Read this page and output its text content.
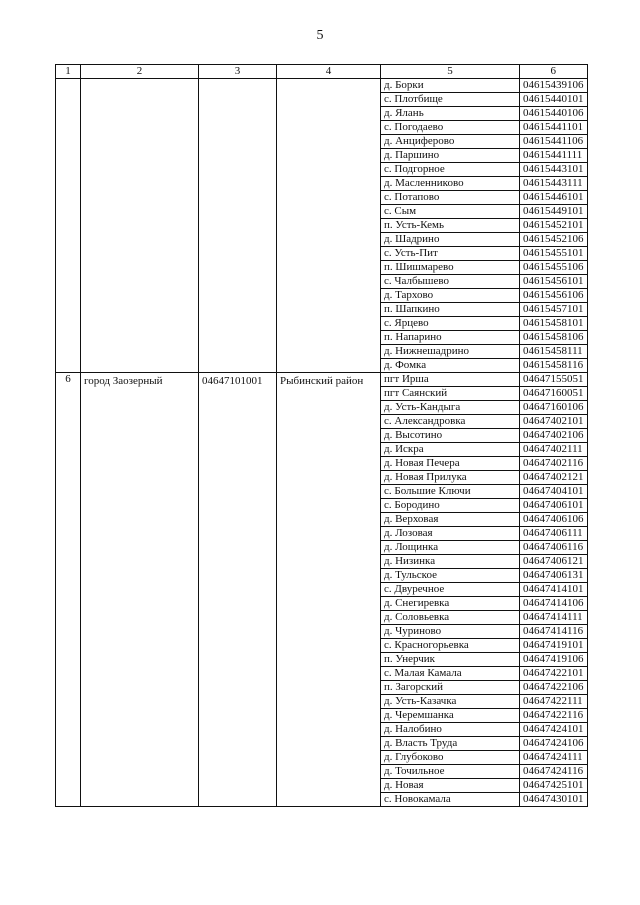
5
1	2	3	4	5	6
				д. Борки	04615439106
				с. Плотбище	04615440101
				д. Ялань	04615440106
				с. Погодаево	04615441101
				д. Анциферово	04615441106
				д. Паршино	04615441111
				с. Подгорное	04615443101
				д. Масленниково	04615443111
				с. Потапово	04615446101
				с. Сым	04615449101
				п. Усть-Кемь	04615452101
				д. Шадрино	04615452106
				с. Усть-Пит	04615455101
				п. Шишмарево	04615455106
				с. Чалбышево	04615456101
				д. Тархово	04615456106
				п. Шапкино	04615457101
				с. Ярцево	04615458101
				п. Напарино	04615458106
				д. Нижнешадрино	04615458111
				д. Фомка	04615458116
6	город Заозерный	04647101001	Рыбинский район	пгт Ирша	04647155051
				пгт Саянский	04647160051
				д. Усть-Кандыга	04647160106
				с. Александровка	04647402101
				д. Высотино	04647402106
				д. Искра	04647402111
				д. Новая Печера	04647402116
				д. Новая Прилука	04647402121
				с. Большие Ключи	04647404101
				с. Бородино	04647406101
				д. Верховая	04647406106
				д. Лозовая	04647406111
				д. Лощинка	04647406116
				д. Низинка	04647406121
				д. Тульское	04647406131
				с. Двуречное	04647414101
				д. Снегиревка	04647414106
				д. Соловьевка	04647414111
				д. Чуриново	04647414116
				с. Красногорьевка	04647419101
				п. Унерчик	04647419106
				с. Малая Камала	04647422101
				п. Загорский	04647422106
				д. Усть-Казачка	04647422111
				д. Черемшанка	04647422116
				д. Налобино	04647424101
				д. Власть Труда	04647424106
				д. Глубоково	04647424111
				д. Точильное	04647424116
				д. Новая	04647425101
				с. Новокамала	04647430101
